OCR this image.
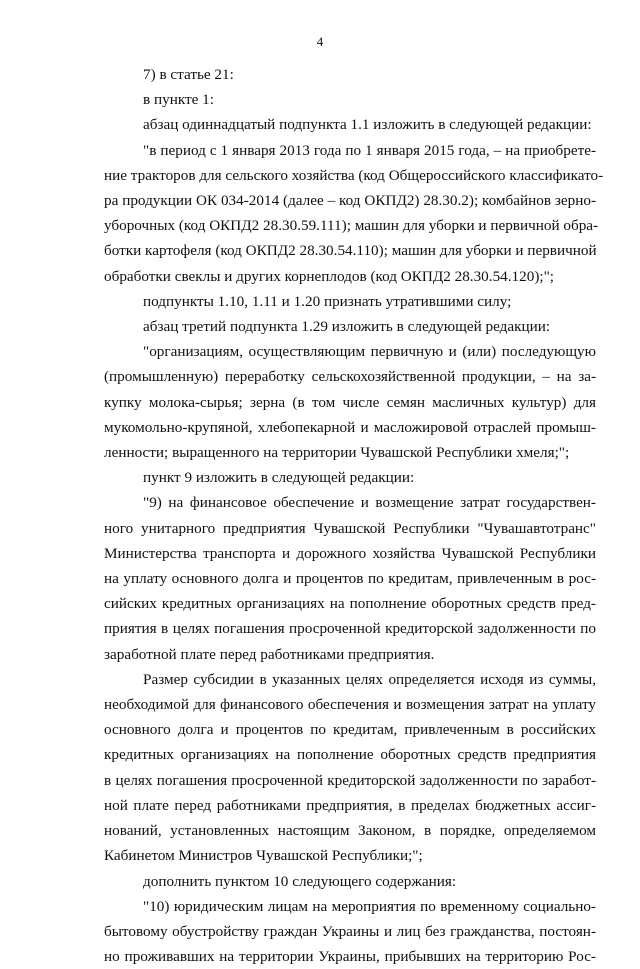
4
7) в статье 21:
в пункте 1:
абзац одиннадцатый подпункта 1.1 изложить в следующей редакции:
"в период с 1 января 2013 года по 1 января 2015 года, – на приобрете-
ние тракторов для сельского хозяйства (код Общероссийского классификато-
ра продукции ОК 034-2014 (далее – код ОКПД2) 28.30.2); комбайнов зерно-
уборочных (код ОКПД2 28.30.59.111); машин для уборки и первичной обра-
ботки картофеля (код ОКПД2 28.30.54.110); машин для уборки и первичной
обработки свеклы и других корнеплодов (код ОКПД2 28.30.54.120);";
подпункты 1.10, 1.11 и 1.20 признать утратившими силу;
абзац третий подпункта 1.29 изложить в следующей редакции:
"организациям, осуществляющим первичную и (или) последующую
(промышленную) переработку сельскохозяйственной продукции, – на за-
купку молока-сырья; зерна (в том числе семян масличных культур) для
мукомольно-крупяной, хлебопекарной и масложировой отраслей промыш-
ленности; выращенного на территории Чувашской Республики хмеля;";
пункт 9 изложить в следующей редакции:
"9) на финансовое обеспечение и возмещение затрат государствен-
ного унитарного предприятия Чувашской Республики "Чувашавтотранс"
Министерства транспорта и дорожного хозяйства Чувашской Республики
на уплату основного долга и процентов по кредитам, привлеченным в рос-
сийских кредитных организациях на пополнение оборотных средств пред-
приятия в целях погашения просроченной кредиторской задолженности по
заработной плате перед работниками предприятия.
Размер субсидии в указанных целях определяется исходя из суммы,
необходимой для финансового обеспечения и возмещения затрат на уплату
основного долга и процентов по кредитам, привлеченным в российских
кредитных организациях на пополнение оборотных средств предприятия
в целях погашения просроченной кредиторской задолженности по заработ-
ной плате перед работниками предприятия, в пределах бюджетных ассиг-
нований, установленных настоящим Законом, в порядке, определяемом
Кабинетом Министров Чувашской Республики;";
дополнить пунктом 10 следующего содержания:
"10) юридическим лицам на мероприятия по временному социально-
бытовому обустройству граждан Украины и лиц без гражданства, постоян-
но проживавших на территории Украины, прибывших на территорию Рос-
